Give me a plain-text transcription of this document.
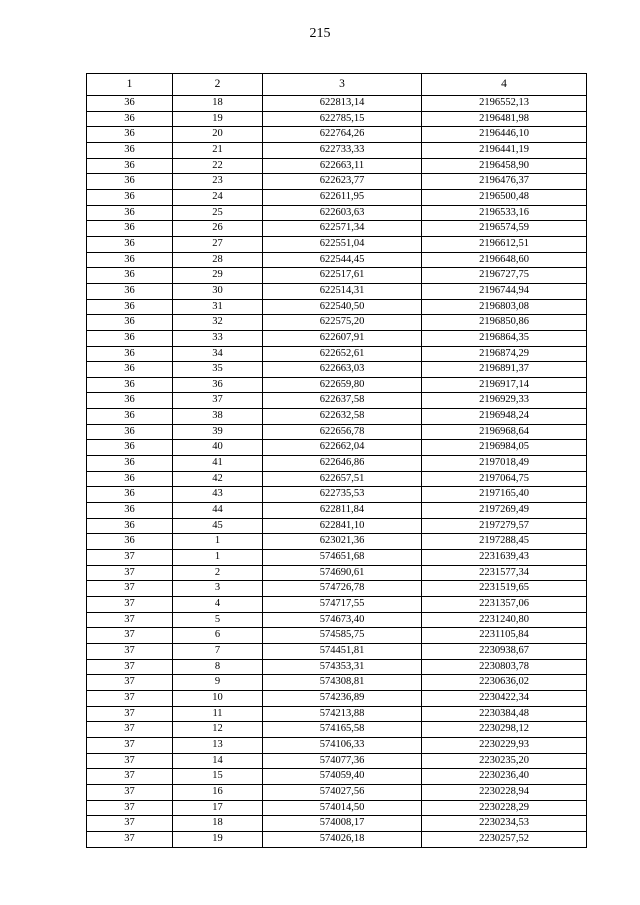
215
1	2	3	4
36	18	622813,14	2196552,13
36	19	622785,15	2196481,98
36	20	622764,26	2196446,10
36	21	622733,33	2196441,19
36	22	622663,11	2196458,90
36	23	622623,77	2196476,37
36	24	622611,95	2196500,48
36	25	622603,63	2196533,16
36	26	622571,34	2196574,59
36	27	622551,04	2196612,51
36	28	622544,45	2196648,60
36	29	622517,61	2196727,75
36	30	622514,31	2196744,94
36	31	622540,50	2196803,08
36	32	622575,20	2196850,86
36	33	622607,91	2196864,35
36	34	622652,61	2196874,29
36	35	622663,03	2196891,37
36	36	622659,80	2196917,14
36	37	622637,58	2196929,33
36	38	622632,58	2196948,24
36	39	622656,78	2196968,64
36	40	622662,04	2196984,05
36	41	622646,86	2197018,49
36	42	622657,51	2197064,75
36	43	622735,53	2197165,40
36	44	622811,84	2197269,49
36	45	622841,10	2197279,57
36	1	623021,36	2197288,45
37	1	574651,68	2231639,43
37	2	574690,61	2231577,34
37	3	574726,78	2231519,65
37	4	574717,55	2231357,06
37	5	574673,40	2231240,80
37	6	574585,75	2231105,84
37	7	574451,81	2230938,67
37	8	574353,31	2230803,78
37	9	574308,81	2230636,02
37	10	574236,89	2230422,34
37	11	574213,88	2230384,48
37	12	574165,58	2230298,12
37	13	574106,33	2230229,93
37	14	574077,36	2230235,20
37	15	574059,40	2230236,40
37	16	574027,56	2230228,94
37	17	574014,50	2230228,29
37	18	574008,17	2230234,53
37	19	574026,18	2230257,52
